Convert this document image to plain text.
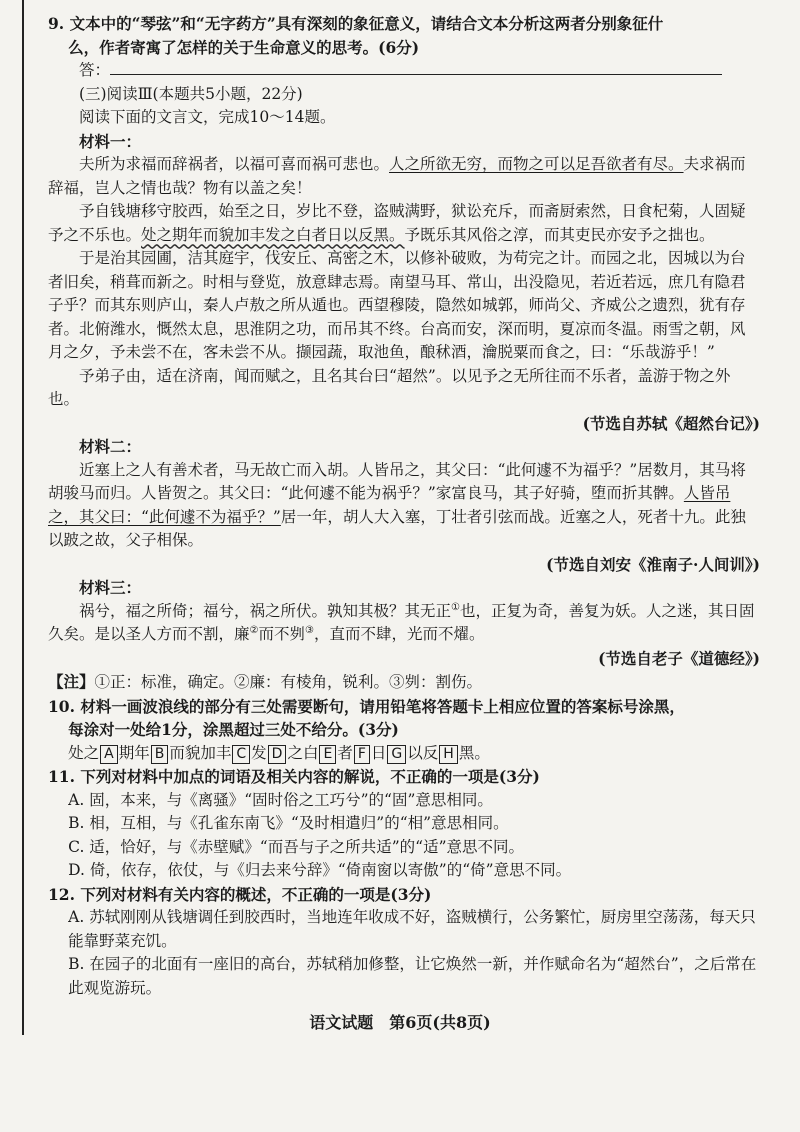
9. 文本中的“琴弦”和“无字药方”具有深刻的象征意义，请结合文本分析这两者分别象征什

么，作者寄寓了怎样的关于生命意义的思考。(6分)

答：

(三)阅读Ⅲ(本题共5小题，22分)

阅读下面的文言文，完成10～14题。

材料一：

夫所为求福而辞祸者，以福可喜而祸可悲也。人之所欲无穷，而物之可以足吾欲者有尽。夫求祸而辞福，岂人之情也哉？物有以盖之矣！

予自钱塘移守胶西，始至之日，岁比不登，盗贼满野，狱讼充斥，而斋厨索然，日食杞菊，人固疑予之不乐也。处之期年而貌加丰发之白者日以反黑。予既乐其风俗之淳，而其吏民亦安予之拙也。

于是治其园圃，洁其庭宇，伐安丘、高密之木，以修补破败，为苟完之计。而园之北，因城以为台者旧矣，稍葺而新之。时相与登览，放意肆志焉。南望马耳、常山，出没隐见，若近若远，庶几有隐君子乎？而其东则庐山，秦人卢敖之所从遁也。西望穆陵，隐然如城郭，师尚父、齐威公之遗烈，犹有存者。北俯潍水，慨然太息，思淮阴之功，而吊其不终。台高而安，深而明，夏凉而冬温。雨雪之朝，风月之夕，予未尝不在，客未尝不从。撷园蔬，取池鱼，酿秫酒，瀹脱粟而食之，曰：“乐哉游乎！”

予弟子由，适在济南，闻而赋之，且名其台曰“超然”。以见予之无所往而不乐者，盖游于物之外也。

(节选自苏轼《超然台记》)

材料二：

近塞上之人有善术者，马无故亡而入胡。人皆吊之，其父曰：“此何遽不为福乎？”居数月，其马将胡骏马而归。人皆贺之。其父曰：“此何遽不能为祸乎？”家富良马，其子好骑，堕而折其髀。人皆吊之，其父曰：“此何遽不为福乎？”居一年，胡人大入塞，丁壮者引弦而战。近塞之人，死者十九。此独以跛之故，父子相保。

(节选自刘安《淮南子·人间训》)

材料三：

祸兮，福之所倚；福兮，祸之所伏。孰知其极？其无正①也，正复为奇，善复为妖。人之迷，其日固久矣。是以圣人方而不割，廉②而不刿③，直而不肆，光而不燿。

(节选自老子《道德经》)

【注】①正：标准，确定。②廉：有棱角，锐利。③刿：割伤。

10. 材料一画波浪线的部分有三处需要断句，请用铅笔将答题卡上相应位置的答案标号涂黑，

每涂对一处给1分，涂黑超过三处不给分。(3分)

处之 A 期年 B 而貌加丰 C 发 D 之白 E 者 F 日 G 以反 H 黑。

11. 下列对材料中加点的词语及相关内容的解说，不正确的一项是(3分)

A. 固，本来，与《离骚》“固时俗之工巧兮”的“固”意思相同。

B. 相，互相，与《孔雀东南飞》“及时相遣归”的“相”意思相同。

C. 适，恰好，与《赤壁赋》“而吾与子之所共适”的“适”意思不同。

D. 倚，依存，依仗，与《归去来兮辞》“倚南窗以寄傲”的“倚”意思不同。

12. 下列对材料有关内容的概述，不正确的一项是(3分)

A. 苏轼刚刚从钱塘调任到胶西时，当地连年收成不好，盗贼横行，公务繁忙，厨房里空荡荡，每天只能靠野菜充饥。

B. 在园子的北面有一座旧的高台，苏轼稍加修整，让它焕然一新，并作赋命名为“超然台”，之后常在此观览游玩。

语文试题　第6页(共8页)
